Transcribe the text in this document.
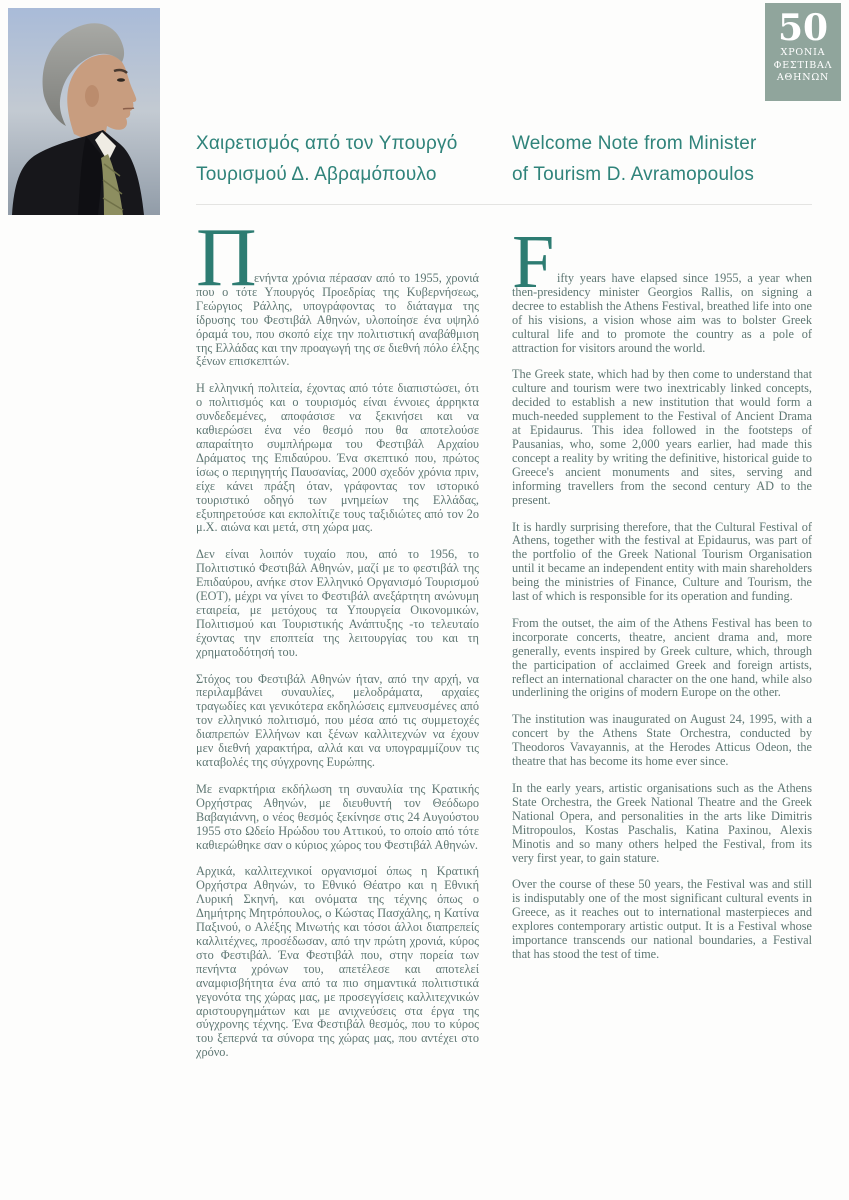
50
ΧΡΟΝΙΑ
ΦΕΣΤΙΒΑΛ
ΑΘΗΝΩΝ
Χαιρετισμός από τον Υπουργό
Τουρισμού Δ. Αβραμόπουλο
Welcome Note from Minister
of Tourism D. Avramopoulos

Π
ενήντα χρόνια πέρασαν από το 1955, χρονιά που ο τότε Υπουργός Προεδρίας της Κυβερνήσεως, Γεώργιος Ράλλης, υπογράφοντας το διάταγμα της ίδρυσης του Φεστιβάλ Αθηνών, υλοποίησε ένα υψηλό όραμά του, που σκοπό είχε την πολιτιστική αναβάθμιση της Ελλάδας και την προαγωγή της σε διεθνή πόλο έλξης ξένων επισκεπτών.

Η ελληνική πολιτεία, έχοντας από τότε διαπιστώσει, ότι ο πολιτισμός και ο τουρισμός είναι έννοιες άρρηκτα συνδεδεμένες, αποφάσισε να ξεκινήσει και να καθιερώσει ένα νέο θεσμό που θα αποτελούσε απαραίτητο συμπλήρωμα του Φεστιβάλ Αρχαίου Δράματος της Επιδαύρου. Ένα σκεπτικό που, πρώτος ίσως ο περιηγητής Παυσανίας, 2000 σχεδόν χρόνια πριν, είχε κάνει πράξη όταν, γράφοντας τον ιστορικό τουριστικό οδηγό των μνημείων της Ελλάδας, εξυπηρετούσε και εκπολίτιζε τους ταξιδιώτες από τον 2ο μ.Χ. αιώνα και μετά, στη χώρα μας.

Δεν είναι λοιπόν τυχαίο που, από το 1956, το Πολιτιστικό Φεστιβάλ Αθηνών, μαζί με το φεστιβάλ της Επιδαύρου, ανήκε στον Ελληνικό Οργανισμό Τουρισμού (ΕΟΤ), μέχρι να γίνει το Φεστιβάλ ανεξάρτητη ανώνυμη εταιρεία, με μετόχους τα Υπουργεία Οικονομικών, Πολιτισμού και Τουριστικής Ανάπτυξης -το τελευταίο έχοντας την εποπτεία της λειτουργίας του και τη χρηματοδότησή του.

Στόχος του Φεστιβάλ Αθηνών ήταν, από την αρχή, να περιλαμβάνει συναυλίες, μελοδράματα, αρχαίες τραγωδίες και γενικότερα εκδηλώσεις εμπνευσμένες από τον ελληνικό πολιτισμό, που μέσα από τις συμμετοχές διαπρεπών Ελλήνων και ξένων καλλιτεχνών να έχουν μεν διεθνή χαρακτήρα, αλλά και να υπογραμμίζουν τις καταβολές της σύγχρονης Ευρώπης.

Με εναρκτήρια εκδήλωση τη συναυλία της Κρατικής Ορχήστρας Αθηνών, με διευθυντή τον Θεόδωρο Βαβαγιάννη, ο νέος θεσμός ξεκίνησε στις 24 Αυγούστου 1955 στο Ωδείο Ηρώδου του Αττικού, το οποίο από τότε καθιερώθηκε σαν ο κύριος χώρος του Φεστιβάλ Αθηνών.

Αρχικά, καλλιτεχνικοί οργανισμοί όπως η Κρατική Ορχήστρα Αθηνών, το Εθνικό Θέατρο και η Εθνική Λυρική Σκηνή, και ονόματα της τέχνης όπως ο Δημήτρης Μητρόπουλος, ο Κώστας Πασχάλης, η Κατίνα Παξινού, ο Αλέξης Μινωτής και τόσοι άλλοι διαπρεπείς καλλιτέχνες, προσέδωσαν, από την πρώτη χρονιά, κύρος στο Φεστιβάλ. Ένα Φεστιβάλ που, στην πορεία των πενήντα χρόνων του, απετέλεσε και αποτελεί αναμφισβήτητα ένα από τα πιο σημαντικά πολιτιστικά γεγονότα της χώρας μας, με προσεγγίσεις καλλιτεχνικών αριστουργημάτων και με ανιχνεύσεις στα έργα της σύγχρονης τέχνης. Ένα Φεστιβάλ θεσμός, που το κύρος του ξεπερνά τα σύνορα της χώρας μας, που αντέχει στο χρόνο.

F ifty years have elapsed since 1955, a year when then-presidency minister Georgios Rallis, on signing a decree to establish the Athens Festival, breathed life into one of his visions, a vision whose aim was to bolster Greek cultural life and to promote the country as a pole of attraction for visitors around the world.

The Greek state, which had by then come to understand that culture and tourism were two inextricably linked concepts, decided to establish a new institution that would form a much-needed supplement to the Festival of Ancient Drama at Epidaurus. This idea followed in the footsteps of Pausanias, who, some 2,000 years earlier, had made this concept a reality by writing the definitive, historical guide to Greece's ancient monuments and sites, serving and informing travellers from the second century AD to the present.

It is hardly surprising therefore, that the Cultural Festival of Athens, together with the festival at Epidaurus, was part of the portfolio of the Greek National Tourism Organisation until it became an independent entity with main shareholders being the ministries of Finance, Culture and Tourism, the last of which is responsible for its operation and funding.

From the outset, the aim of the Athens Festival has been to incorporate concerts, theatre, ancient drama and, more generally, events inspired by Greek culture, which, through the participation of acclaimed Greek and foreign artists, reflect an international character on the one hand, while also underlining the origins of modern Europe on the other.

The institution was inaugurated on August 24, 1995, with a concert by the Athens State Orchestra, conducted by Theodoros Vavayannis, at the Herodes Atticus Odeon, the theatre that has become its home ever since.

In the early years, artistic organisations such as the Athens State Orchestra, the Greek National Theatre and the Greek National Opera, and personalities in the arts like Dimitris Mitropoulos, Kostas Paschalis, Katina Paxinou, Alexis Minotis and so many others helped the Festival, from its very first year, to gain stature.

Over the course of these 50 years, the Festival was and still is indisputably one of the most significant cultural events in Greece, as it reaches out to international masterpieces and explores contemporary artistic output. It is a Festival whose importance transcends our national boundaries, a Festival that has stood the test of time.
